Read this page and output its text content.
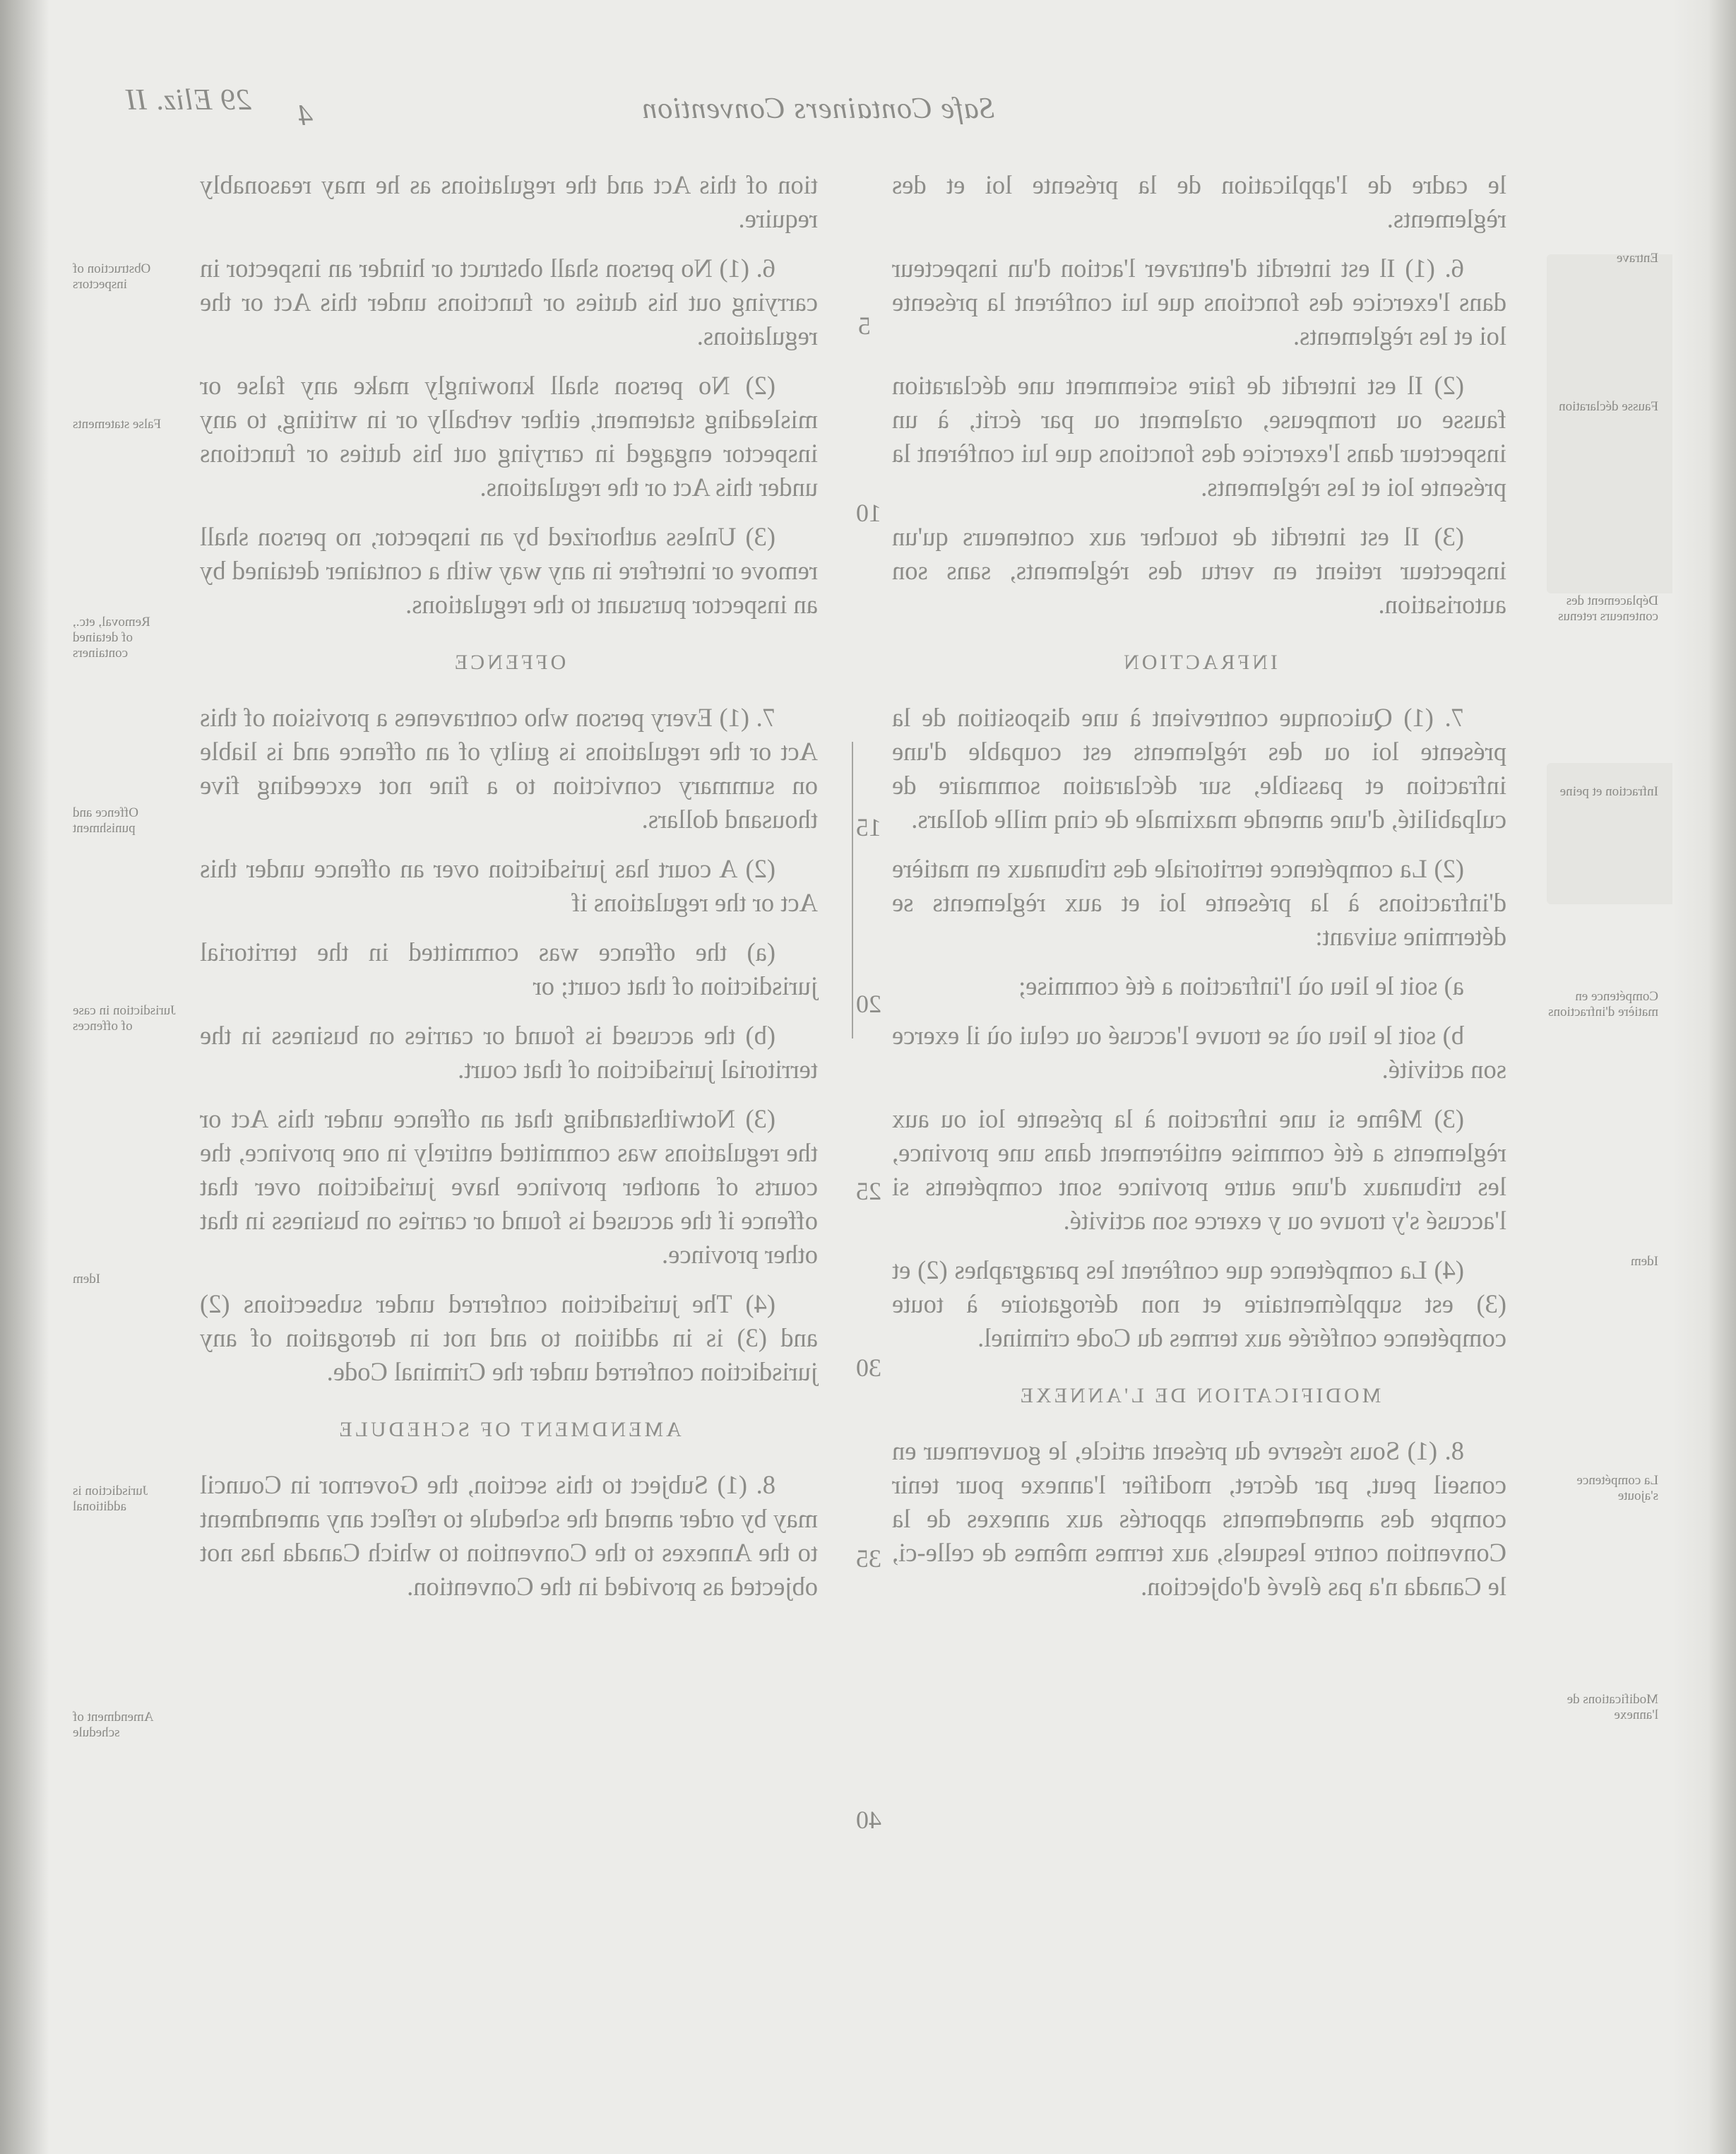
4	Safe Containers Convention
29 Eliz. II
Obstruction of inspectors
False statements
Removal, etc., of detained containers
Offence and punishment
Jurisdiction in case of offences
Idem
Jurisdiction is additional
Amendment of schedule
Entrave
Fausse déclaration
Déplacement des conteneurs retenus
Infraction et peine
Compétence en matière d'infractions
Idem
La compétence s'ajoute
Modifications de l'annexe

tion of this Act and the regulations as he may reasonably require.

6. (1) No person shall obstruct or hinder an inspector in carrying out his duties or functions under this Act or the regulations.

(2) No person shall knowingly make any false or misleading statement, either verbally or in writing, to any inspector engaged in carrying out his duties or functions under this Act or the regulations.

(3) Unless authorized by an inspector, no person shall remove or interfere in any way with a container detained by an inspector pursuant to the regulations.

OFFENCE

7. (1) Every person who contravenes a provision of this Act or the regulations is guilty of an offence and is liable on summary conviction to a fine not exceeding five thousand dollars.

(2) A court has jurisdiction over an offence under this Act or the regulations if

(a) the offence was committed in the territorial jurisdiction of that court; or

(b) the accused is found or carries on business in the territorial jurisdiction of that court.

(3) Notwithstanding that an offence under this Act or the regulations was committed entirely in one province, the courts of another province have jurisdiction over that offence if the accused is found or carries on business in that other province.

(4) The jurisdiction conferred under subsections (2) and (3) is in addition to and not in derogation of any jurisdiction conferred under the Criminal Code.

AMENDMENT OF SCHEDULE

8. (1) Subject to this section, the Governor in Council may by order amend the schedule to reflect any amendment to the Annexes to the Convention to which Canada has not objected as provided in the Convention.

le cadre de l'application de la présente loi et des règlements.

6. (1) Il est interdit d'entraver l'action d'un inspecteur dans l'exercice des fonctions que lui confèrent la présente loi et les règlements.

(2) Il est interdit de faire sciemment une déclaration fausse ou trompeuse, oralement ou par écrit, à un inspecteur dans l'exercice des fonctions que lui confèrent la présente loi et les règlements.

(3) Il est interdit de toucher aux conteneurs qu'un inspecteur retient en vertu des règlements, sans son autorisation.

INFRACTION

7. (1) Quiconque contrevient à une disposition de la présente loi ou des règlements est coupable d'une infraction et passible, sur déclaration sommaire de culpabilité, d'une amende maximale de cinq mille dollars.

(2) La compétence territoriale des tribunaux en matière d'infractions à la présente loi et aux règlements se détermine suivant:

a) soit le lieu où l'infraction a été commise;

b) soit le lieu où se trouve l'accusé ou celui où il exerce son activité.

(3) Même si une infraction à la présente loi ou aux règlements a été commise entièrement dans une province, les tribunaux d'une autre province sont compétents si l'accusé s'y trouve ou y exerce son activité.

(4) La compétence que confèrent les paragraphes (2) et (3) est supplémentaire et non dérogatoire à toute compétence conférée aux termes du Code criminel.

MODIFICATION DE L'ANNEXE

8. (1) Sous réserve du présent article, le gouverneur en conseil peut, par décret, modifier l'annexe pour tenir compte des amendements apportés aux annexes de la Convention contre lesquels, aux termes mêmes de celle-ci, le Canada n'a pas élevé d'objection.

5
10
15
20
25
30
35
40
